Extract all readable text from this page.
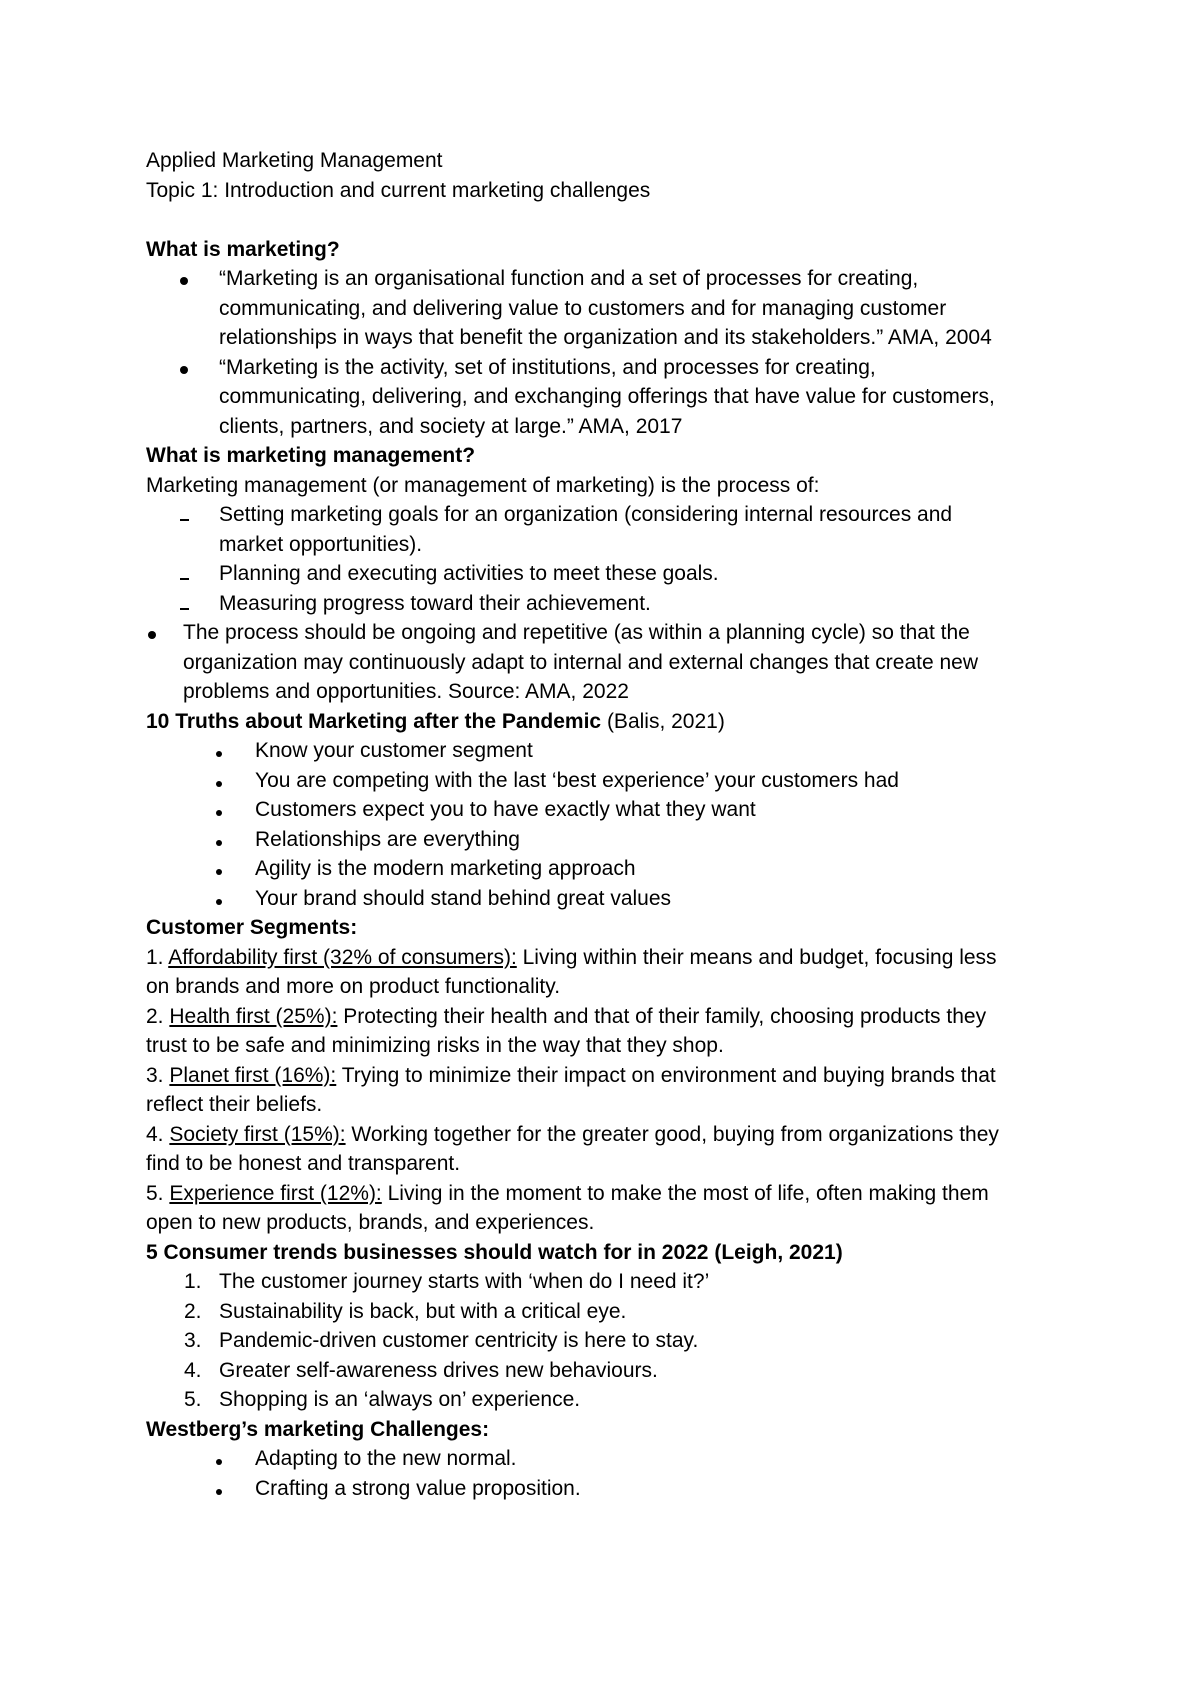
Applied Marketing Management
Topic 1: Introduction and current marketing challenges
What is marketing?
“Marketing is an organisational function and a set of processes for creating,
communicating, and delivering value to customers and for managing customer
relationships in ways that benefit the organization and its stakeholders.” AMA, 2004
“Marketing is the activity, set of institutions, and processes for creating,
communicating, delivering, and exchanging offerings that have value for customers,
clients, partners, and society at large.” AMA, 2017
What is marketing management?
Marketing management (or management of marketing) is the process of:
Setting marketing goals for an organization (considering internal resources and
market opportunities).
Planning and executing activities to meet these goals.
Measuring progress toward their achievement.
The process should be ongoing and repetitive (as within a planning cycle) so that the
organization may continuously adapt to internal and external changes that create new
problems and opportunities. Source: AMA, 2022
10 Truths about Marketing after the Pandemic (Balis, 2021)
Know your customer segment
You are competing with the last ‘best experience’ your customers had
Customers expect you to have exactly what they want
Relationships are everything
Agility is the modern marketing approach
Your brand should stand behind great values
Customer Segments:
1. Affordability first (32% of consumers): Living within their means and budget, focusing less
on brands and more on product functionality.
2. Health first (25%): Protecting their health and that of their family, choosing products they
trust to be safe and minimizing risks in the way that they shop.
3. Planet first (16%): Trying to minimize their impact on environment and buying brands that
reflect their beliefs.
4. Society first (15%): Working together for the greater good, buying from organizations they
find to be honest and transparent.
5. Experience first (12%): Living in the moment to make the most of life, often making them
open to new products, brands, and experiences.
5 Consumer trends businesses should watch for in 2022 (Leigh, 2021)
1. The customer journey starts with ‘when do I need it?’
2. Sustainability is back, but with a critical eye.
3. Pandemic-driven customer centricity is here to stay.
4. Greater self-awareness drives new behaviours.
5. Shopping is an ‘always on’ experience.
Westberg’s marketing Challenges:
Adapting to the new normal.
Crafting a strong value proposition.
